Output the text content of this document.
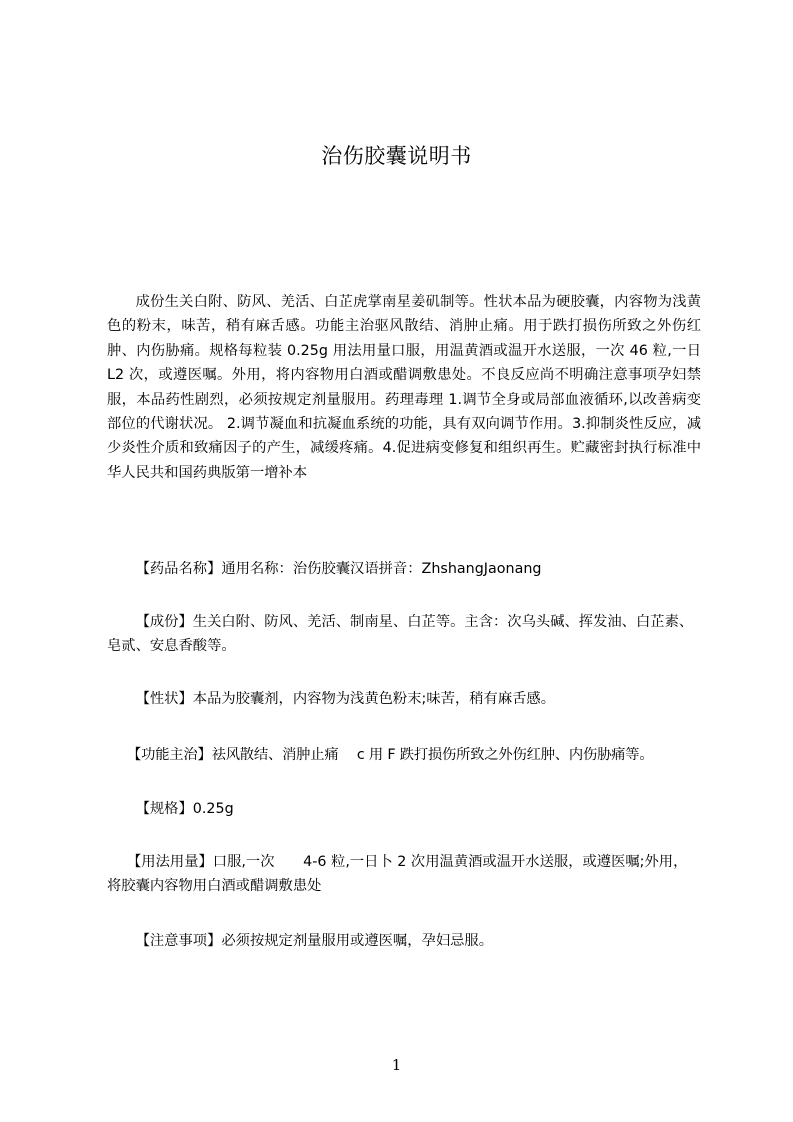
治伤胶囊说明书
成份生关白附、防风、羌活、白芷虎掌南星姜矶制等。性状本品为硬胶囊，内容物为浅黄色的粉末，味苦，稍有麻舌感。功能主治驱风散结、消肿止痛。用于跌打损伤所致之外伤红肿、内伤胁痛。规格每粒装 0.25g 用法用量口服，用温黄酒或温开水送服，一次 46 粒,一日 L2 次，或遵医嘱。外用，将内容物用白酒或醋调敷患处。不良反应尚不明确注意事项孕妇禁服，本品药性剧烈，必须按规定剂量服用。药理毒理 1.调节全身或局部血液循环,以改善病变部位的代谢状况。 2.调节凝血和抗凝血系统的功能，具有双向调节作用。3.抑制炎性反应，减少炎性介质和致痛因子的产生，减缓疼痛。4.促进病变修复和组织再生。贮藏密封执行标准中华人民共和国药典版第一增补本
【药品名称】通用名称：治伤胶囊汉语拼音：ZhshangJaonang
【成份】生关白附、防风、羌活、制南星、白芷等。主含：次乌头碱、挥发油、白芷素、皂贰、安息香酸等。
【性状】本品为胶囊剂，内容物为浅黄色粉末;味苦，稍有麻舌感。
【功能主治】祛风散结、消肿止痛　 c 用 F 跌打损伤所致之外伤红肿、内伤胁痛等。
【规格】0.25g
【用法用量】口服,一次　　4-6 粒,一日卜 2 次用温黄酒或温开水送服，或遵医嘱;外用，将胶囊内容物用白酒或醋调敷患处
【注意事项】必须按规定剂量服用或遵医嘱，孕妇忌服。
1
